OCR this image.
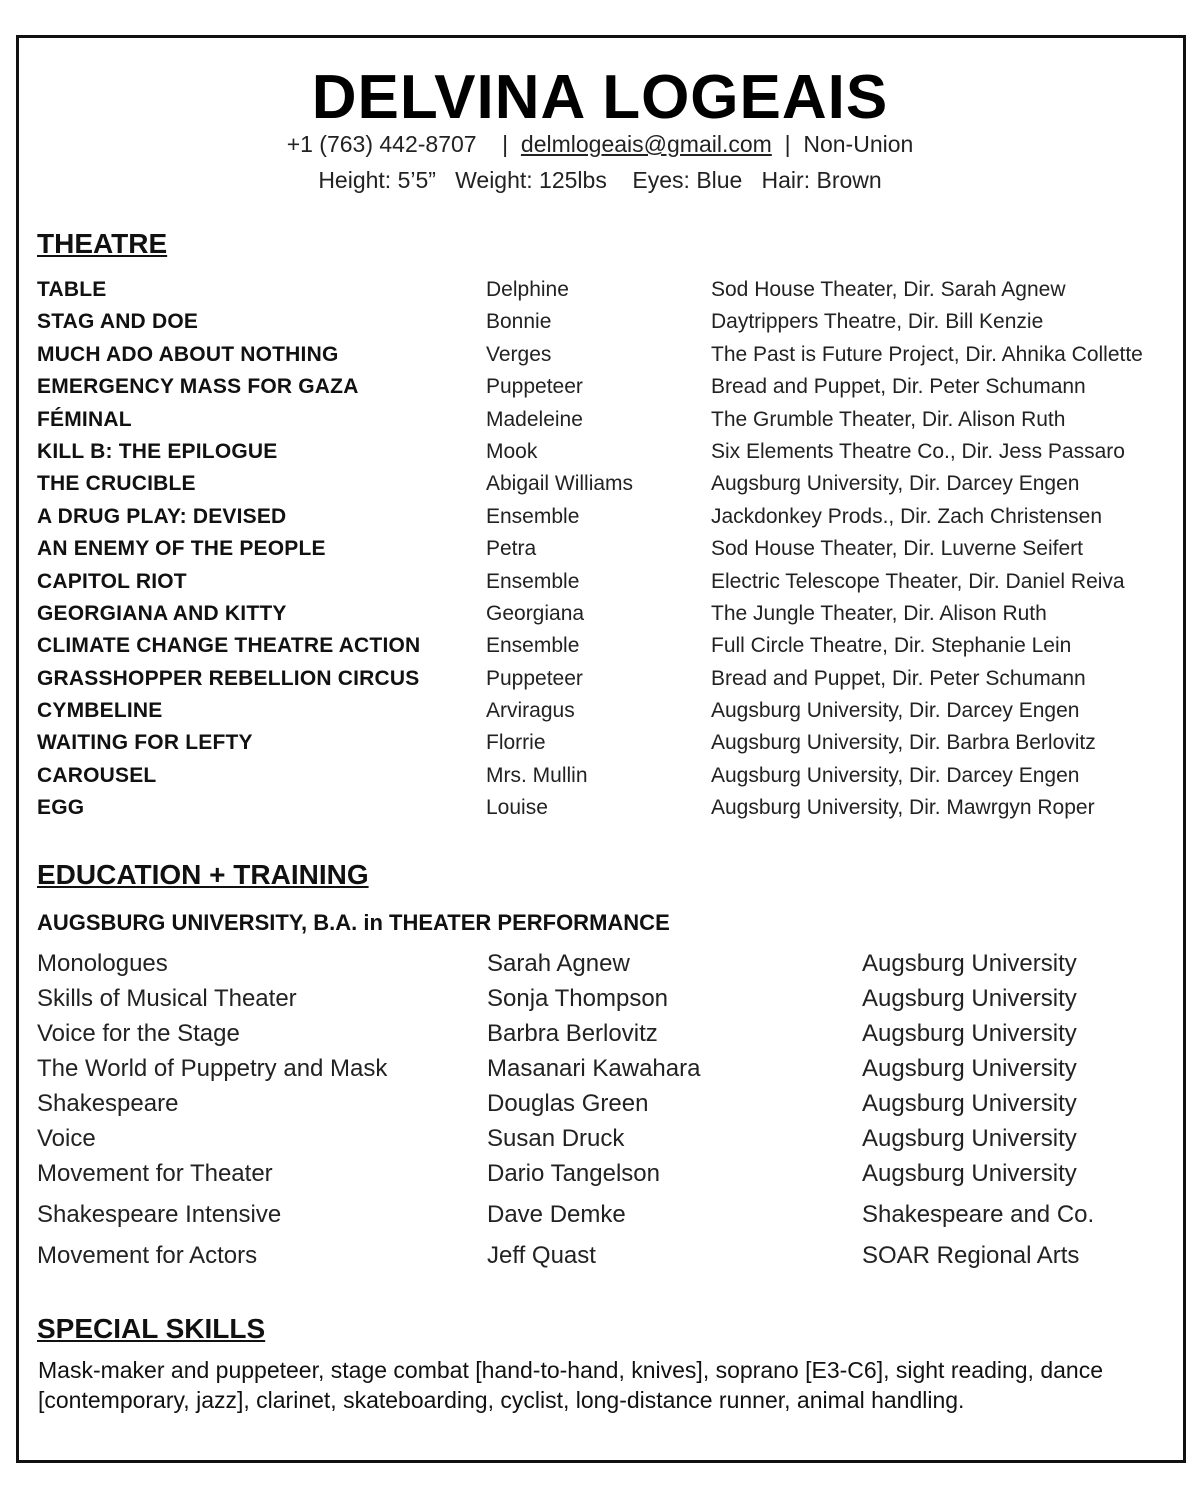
DELVINA LOGEAIS
+1 (763) 442-8707 | delmlogeais@gmail.com | Non-Union
Height: 5’5” Weight: 125lbs Eyes: Blue Hair: Brown
THEATRE
TABLE	Delphine	Sod House Theater, Dir. Sarah Agnew
STAG AND DOE	Bonnie	Daytrippers Theatre, Dir. Bill Kenzie
MUCH ADO ABOUT NOTHING	Verges	The Past is Future Project, Dir. Ahnika Collette
EMERGENCY MASS FOR GAZA	Puppeteer	Bread and Puppet, Dir. Peter Schumann
FÉMINAL	Madeleine	The Grumble Theater, Dir. Alison Ruth
KILL B: THE EPILOGUE	Mook	Six Elements Theatre Co., Dir. Jess Passaro
THE CRUCIBLE	Abigail Williams	Augsburg University, Dir. Darcey Engen
A DRUG PLAY: DEVISED	Ensemble	Jackdonkey Prods., Dir. Zach Christensen
AN ENEMY OF THE PEOPLE	Petra	Sod House Theater, Dir. Luverne Seifert
CAPITOL RIOT	Ensemble	Electric Telescope Theater, Dir. Daniel Reiva
GEORGIANA AND KITTY	Georgiana	The Jungle Theater, Dir. Alison Ruth
CLIMATE CHANGE THEATRE ACTION	Ensemble	Full Circle Theatre, Dir. Stephanie Lein
GRASSHOPPER REBELLION CIRCUS	Puppeteer	Bread and Puppet, Dir. Peter Schumann
CYMBELINE	Arviragus	Augsburg University, Dir. Darcey Engen
WAITING FOR LEFTY	Florrie	Augsburg University, Dir. Barbra Berlovitz
CAROUSEL	Mrs. Mullin	Augsburg University, Dir. Darcey Engen
EGG	Louise	Augsburg University, Dir. Mawrgyn Roper
EDUCATION + TRAINING
AUGSBURG UNIVERSITY, B.A. in THEATER PERFORMANCE
Monologues	Sarah Agnew	Augsburg University
Skills of Musical Theater	Sonja Thompson	Augsburg University
Voice for the Stage	Barbra Berlovitz	Augsburg University
The World of Puppetry and Mask	Masanari Kawahara	Augsburg University
Shakespeare	Douglas Green	Augsburg University
Voice	Susan Druck	Augsburg University
Movement for Theater	Dario Tangelson	Augsburg University
Shakespeare Intensive	Dave Demke	Shakespeare and Co.
Movement for Actors	Jeff Quast	SOAR Regional Arts
SPECIAL SKILLS

Mask-maker and puppeteer, stage combat [hand-to-hand, knives], soprano [E3-C6], sight reading, dance [contemporary, jazz], clarinet, skateboarding, cyclist, long-distance runner, animal handling.
